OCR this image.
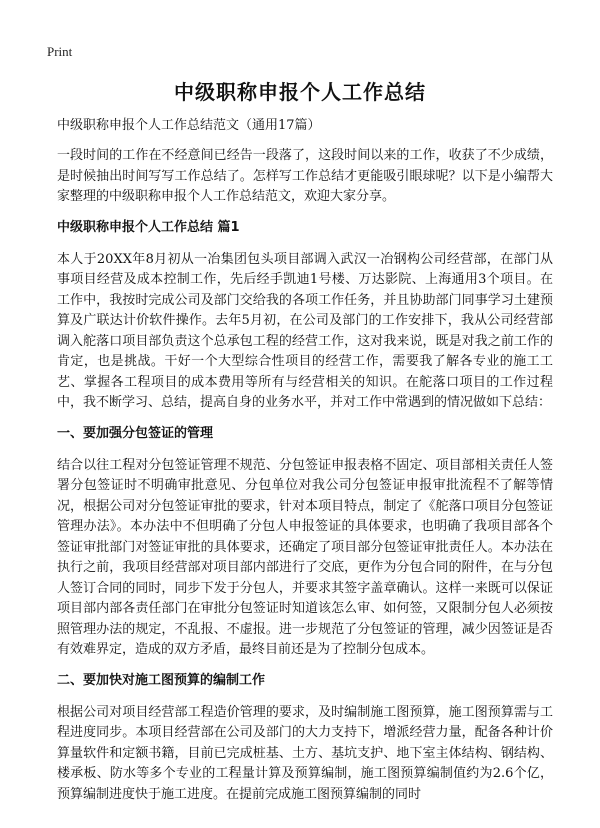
Print
中级职称申报个人工作总结
中级职称申报个人工作总结范文（通用17篇）

一段时间的工作在不经意间已经告一段落了，这段时间以来的工作，收获了不少成绩，是时候抽出时间写写工作总结了。怎样写工作总结才更能吸引眼球呢？以下是小编帮大家整理的中级职称申报个人工作总结范文，欢迎大家分享。

中级职称申报个人工作总结 篇1

本人于20XX年8月初从一冶集团包头项目部调入武汉一冶钢构公司经营部，在部门从事项目经营及成本控制工作，先后经手凯迪1号楼、万达影院、上海通用3个项目。在工作中，我按时完成公司及部门交给我的各项工作任务，并且协助部门同事学习土建预算及广联达计价软件操作。去年5月初，在公司及部门的工作安排下，我从公司经营部调入舵落口项目部负责这个总承包工程的经营工作，这对我来说，既是对我之前工作的肯定，也是挑战。干好一个大型综合性项目的经营工作，需要我了解各专业的施工工艺、掌握各工程项目的成本费用等所有与经营相关的知识。在舵落口项目的工作过程中，我不断学习、总结，提高自身的业务水平，并对工作中常遇到的情况做如下总结：

一、要加强分包签证的管理

结合以往工程对分包签证管理不规范、分包签证申报表格不固定、项目部相关责任人签署分包签证时不明确审批意见、分包单位对我公司分包签证申报审批流程不了解等情况，根据公司对分包签证审批的要求，针对本项目特点，制定了《舵落口项目分包签证管理办法》。本办法中不但明确了分包人申报签证的具体要求，也明确了我项目部各个签证审批部门对签证审批的具体要求，还确定了项目部分包签证审批责任人。本办法在执行之前，我项目经营部对项目部内部进行了交底，更作为分包合同的附件，在与分包人签订合同的同时，同步下发于分包人，并要求其签字盖章确认。这样一来既可以保证项目部内部各责任部门在审批分包签证时知道该怎么审、如何签，又限制分包人必须按照管理办法的规定，不乱报、不虚报。进一步规范了分包签证的管理，减少因签证是否有效难界定，造成的双方矛盾，最终目前还是为了控制分包成本。

二、要加快对施工图预算的编制工作

根据公司对项目经营部工程造价管理的要求，及时编制施工图预算，施工图预算需与工程进度同步。本项目经营部在公司及部门的大力支持下，增派经营力量，配备各种计价算量软件和定额书籍，目前已完成桩基、土方、基坑支护、地下室主体结构、钢结构、楼承板、防水等多个专业的工程量计算及预算编制，施工图预算编制值约为2.6个亿，预算编制进度快于施工进度。在提前完成施工图预算编制的同时
